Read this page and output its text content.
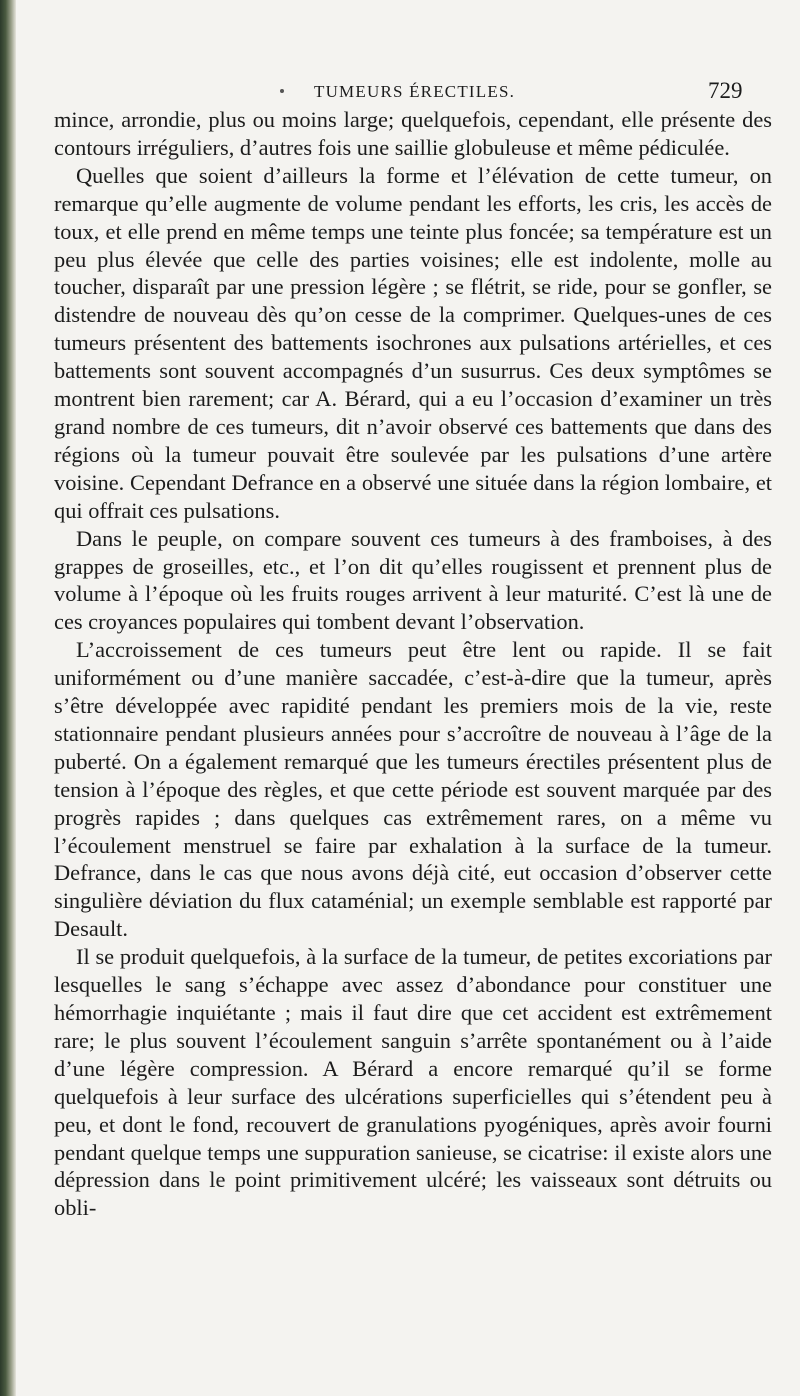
TUMEURS ÉRECTILES.	729

mince, arrondie, plus ou moins large; quelquefois, cependant, elle présente des contours irréguliers, d’autres fois une saillie globuleuse et même pédiculée.

Quelles que soient d’ailleurs la forme et l’élévation de cette tumeur, on remarque qu’elle augmente de volume pendant les efforts, les cris, les accès de toux, et elle prend en même temps une teinte plus foncée; sa température est un peu plus élevée que celle des parties voisines; elle est indolente, molle au toucher, disparaît par une pression légère ; se flétrit, se ride, pour se gonfler, se distendre de nouveau dès qu’on cesse de la comprimer. Quelques-unes de ces tumeurs présentent des battements isochrones aux pulsations artérielles, et ces battements sont souvent accompagnés d’un susurrus. Ces deux symptômes se montrent bien rarement; car A. Bérard, qui a eu l’occasion d’examiner un très grand nombre de ces tumeurs, dit n’avoir observé ces battements que dans des régions où la tumeur pouvait être soulevée par les pulsations d’une artère voisine. Cependant Defrance en a observé une située dans la région lombaire, et qui offrait ces pulsations.

Dans le peuple, on compare souvent ces tumeurs à des framboises, à des grappes de groseilles, etc., et l’on dit qu’elles rougissent et prennent plus de volume à l’époque où les fruits rouges arrivent à leur maturité. C’est là une de ces croyances populaires qui tombent devant l’observation.

L’accroissement de ces tumeurs peut être lent ou rapide. Il se fait uniformément ou d’une manière saccadée, c’est-à-dire que la tumeur, après s’être développée avec rapidité pendant les premiers mois de la vie, reste stationnaire pendant plusieurs années pour s’accroître de nouveau à l’âge de la puberté. On a également remarqué que les tumeurs érectiles présentent plus de tension à l’époque des règles, et que cette période est souvent marquée par des progrès rapides ; dans quelques cas extrêmement rares, on a même vu l’écoulement menstruel se faire par exhalation à la surface de la tumeur. Defrance, dans le cas que nous avons déjà cité, eut occasion d’observer cette singulière déviation du flux cataménial; un exemple semblable est rapporté par Desault.

Il se produit quelquefois, à la surface de la tumeur, de petites excoriations par lesquelles le sang s’échappe avec assez d’abondance pour constituer une hémorrhagie inquiétante ; mais il faut dire que cet accident est extrêmement rare; le plus souvent l’écoulement sanguin s’arrête spontanément ou à l’aide d’une légère compression. A Bérard a encore remarqué qu’il se forme quelquefois à leur surface des ulcérations superficielles qui s’étendent peu à peu, et dont le fond, recouvert de granulations pyogéniques, après avoir fourni pendant quelque temps une suppuration sanieuse, se cicatrise: il existe alors une dépression dans le point primitivement ulcéré; les vaisseaux sont détruits ou obli-
